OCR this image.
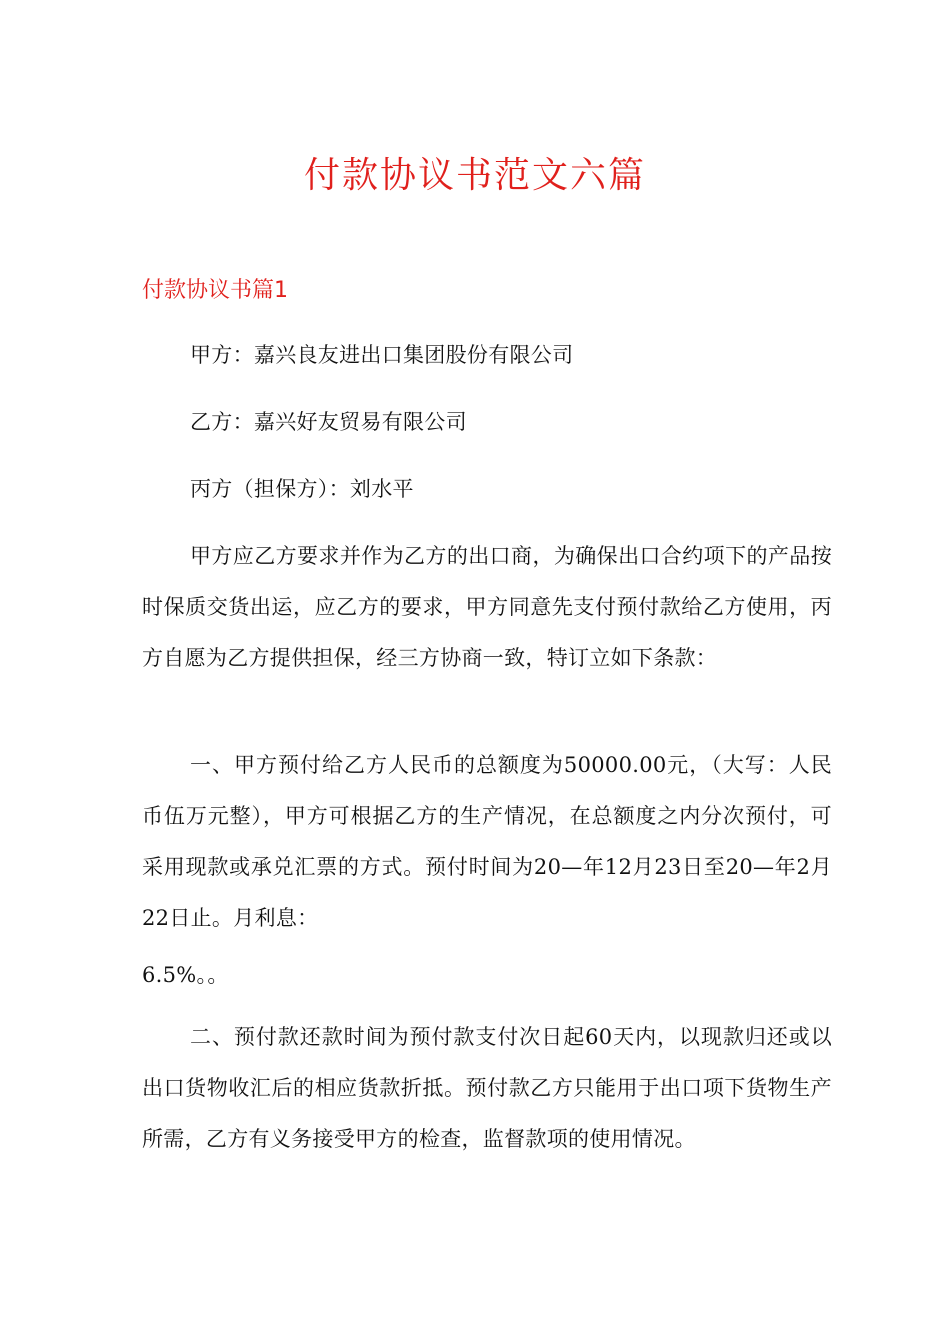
付款协议书范文六篇
付款协议书篇1

甲方：嘉兴良友进出口集团股份有限公司

乙方：嘉兴好友贸易有限公司

丙方（担保方）：刘水平

甲方应乙方要求并作为乙方的出口商，为确保出口合约项下的产品按时保质交货出运，应乙方的要求，甲方同意先支付预付款给乙方使用，丙方自愿为乙方提供担保，经三方协商一致，特订立如下条款：

一、甲方预付给乙方人民币的总额度为50000.00元，（大写：人民币伍万元整），甲方可根据乙方的生产情况，在总额度之内分次预付，可采用现款或承兑汇票的方式。预付时间为20—年12月23日至20—年2月22日止。月利息：

6.5%。。

二、预付款还款时间为预付款支付次日起60天内，以现款归还或以出口货物收汇后的相应货款折抵。预付款乙方只能用于出口项下货物生产所需，乙方有义务接受甲方的检查，监督款项的使用情况。
